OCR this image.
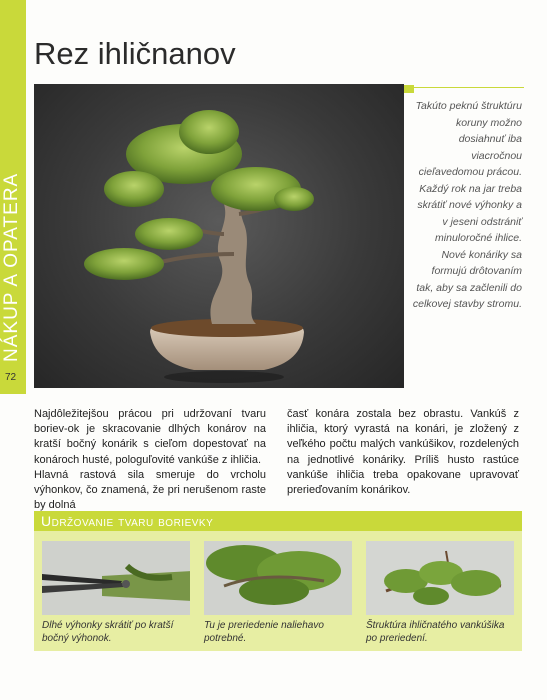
NÁKUP A OPATERA
72
Rez ihličnanov
Takúto peknú štruktúru koruny možno dosiahnuť iba viacročnou cieľavedomou prácou. Každý rok na jar treba skrátiť nové výhonky a v jeseni odstrániť minuloročné ihlice. Nové konáriky sa formujú drôtovaním tak, aby sa začlenili do celkovej stavby stromu.

Najdôležitejšou prácou pri udržovaní tvaru boriev-ok je skracovanie dlhých konárov na kratší bočný konárik s cieľom dopestovať na konároch husté, pologuľovité vankúše z ihličia.

Hlavná rastová sila smeruje do vrcholu výhonkov, čo znamená, že pri nerušenom raste by dolná

časť konára zostala bez obrastu. Vankúš z ihličia, ktorý vyrastá na konári, je zložený z veľkého počtu malých vankúšikov, rozdelených na jednotlivé konáriky. Príliš husto rastúce vankúše ihličia treba opakovane upravovať prerieďovaním konárikov.

Udržovanie tvaru borievky
Dlhé výhonky skrátiť po kratší bočný výhonok.
Tu je preriedenie naliehavo potrebné.
Štruktúra ihličnatého vankúšika po preriedení.
